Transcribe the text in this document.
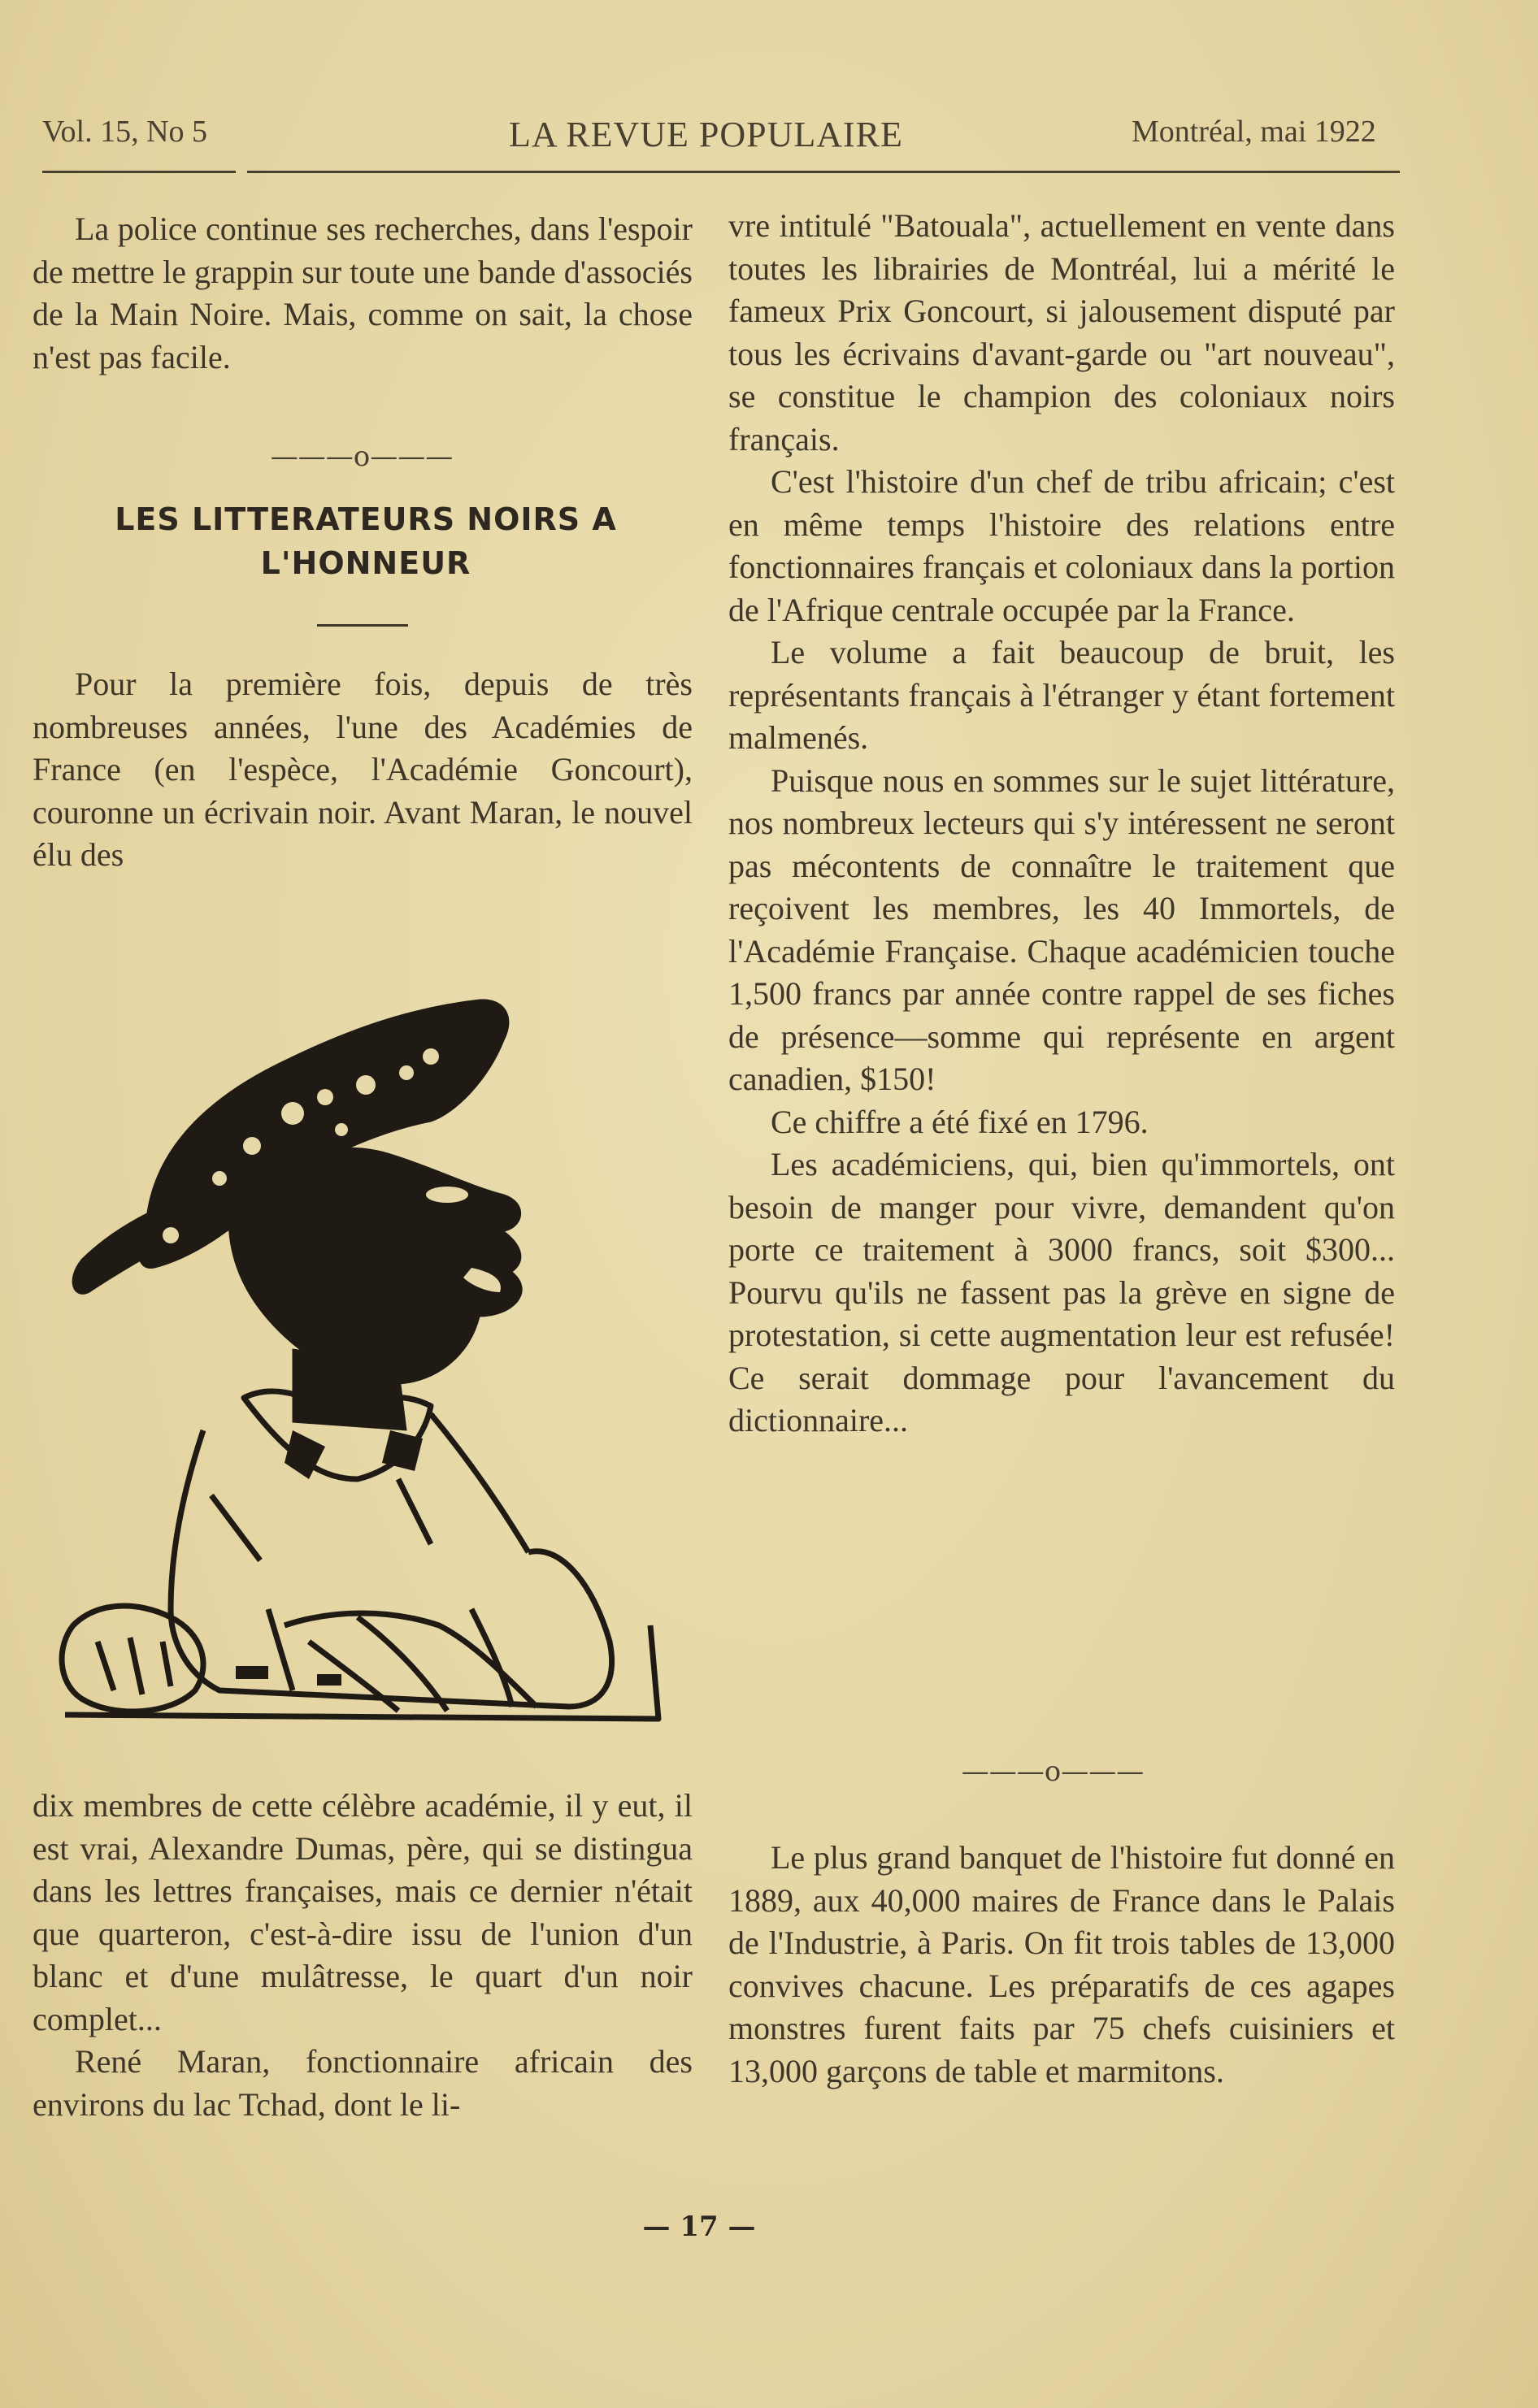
Vol. 15, No 5	LA REVUE POPULAIRE	Montréal, mai 1922

La police continue ses recherches, dans l'espoir de mettre le grappin sur toute une bande d'associés de la Main Noire. Mais, comme on sait, la chose n'est pas facile.

———o———
LES LITTERATEURS NOIRS A
L'HONNEUR

Pour la première fois, depuis de très nombreuses années, l'une des Académies de France (en l'espèce, l'Académie Goncourt), couronne un écrivain noir. Avant Maran, le nouvel élu des

dix membres de cette célèbre académie, il y eut, il est vrai, Alexandre Dumas, père, qui se distingua dans les lettres françaises, mais ce dernier n'était que quarteron, c'est-à-dire issu de l'union d'un blanc et d'une mulâtresse, le quart d'un noir complet...

René Maran, fonctionnaire africain des environs du lac Tchad, dont le li-

vre intitulé "Batouala", actuellement en vente dans toutes les librairies de Montréal, lui a mérité le fameux Prix Goncourt, si jalousement disputé par tous les écrivains d'avant-garde ou "art nouveau", se constitue le champion des coloniaux noirs français.

C'est l'histoire d'un chef de tribu africain; c'est en même temps l'histoire des relations entre fonctionnaires français et coloniaux dans la portion de l'Afrique centrale occupée par la France.

Le volume a fait beaucoup de bruit, les représentants français à l'étranger y étant fortement malmenés.

Puisque nous en sommes sur le sujet littérature, nos nombreux lecteurs qui s'y intéressent ne seront pas mécontents de connaître le traitement que reçoivent les membres, les 40 Immortels, de l'Académie Française. Chaque académicien touche 1,500 francs par année contre rappel de ses fiches de présence—somme qui représente en argent canadien, $150!

Ce chiffre a été fixé en 1796.

Les académiciens, qui, bien qu'immortels, ont besoin de manger pour vivre, demandent qu'on porte ce traitement à 3000 francs, soit $300... Pourvu qu'ils ne fassent pas la grève en signe de protestation, si cette augmentation leur est refusée! Ce serait dommage pour l'avancement du dictionnaire...

———o———

Le plus grand banquet de l'histoire fut donné en 1889, aux 40,000 maires de France dans le Palais de l'Industrie, à Paris. On fit trois tables de 13,000 convives chacune. Les préparatifs de ces agapes monstres furent faits par 75 chefs cuisiniers et 13,000 garçons de table et marmitons.

— 17 —
